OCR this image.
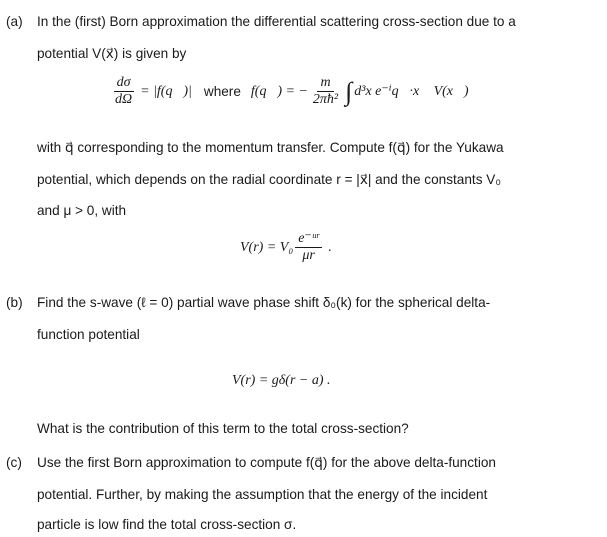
(a) In the (first) Born approximation the differential scattering cross-section due to a
potential V(x⃗) is given by
$\frac{d\sigma}{d\Omega}$ = |f(q⃗)| where f(q⃗) = − $\frac{m}{\text{2πħ²}}$ ∫ d³x e⁻ⁱq⃗·x⃗ V(x⃗)
with q⃗ corresponding to the momentum transfer. Compute f(q⃗) for the Yukawa
potential, which depends on the radial coordinate r = |x⃗| and the constants V₀
and μ > 0, with
$V(r) = V_0 \frac{\text{e⁻ᵘʳ}}{\mu r}$ .
(b) Find the s-wave (ℓ = 0) partial wave phase shift δ₀(k) for the spherical delta-
function potential
V(r) = gδ(r − a) .
What is the contribution of this term to the total cross-section?
(c) Use the first Born approximation to compute f(q⃗) for the above delta-function
potential. Further, by making the assumption that the energy of the incident
particle is low find the total cross-section σ.
